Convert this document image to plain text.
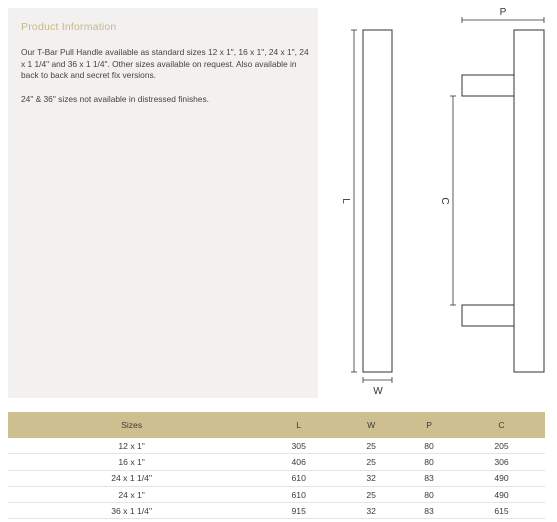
Product Information

Our T-Bar Pull Handle available as standard sizes 12 x 1", 16 x 1", 24 x 1", 24 x 1 1/4" and 36 x 1 1/4". Other sizes available on request. Also available in back to back and secret fix versions.

24" & 36" sizes not available in distressed finishes.

L
W
P
C
Sizes	L	W	P	C
12 x 1"	305	25	80	205
16 x 1"	406	25	80	306
24 x 1 1/4"	610	32	83	490
24 x 1"	610	25	80	490
36 x 1 1/4"	915	32	83	615
